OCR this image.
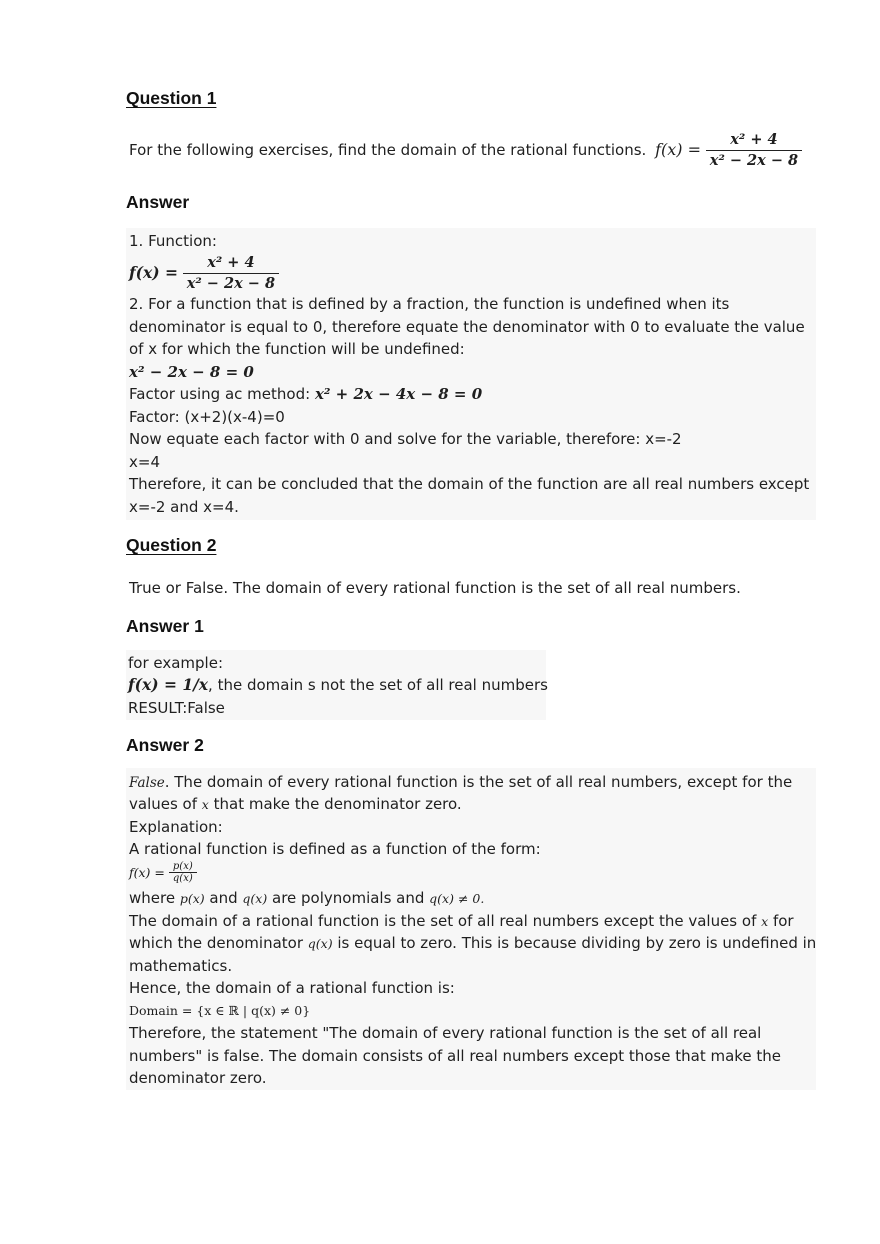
Question 1
For the following exercises, find the domain of the rational functions. $f(x) = \frac{\text{x² + 4}}{\text{x² − 2x − 8}}$
Answer
1. Function:
$f(x) = \frac{\text{x² + 4}}{\text{x² − 2x − 8}}$
2. For a function that is defined by a fraction, the function is undefined when its
denominator is equal to 0, therefore equate the denominator with 0 to evaluate the value
of x for which the function will be undefined:
x² − 2x − 8 = 0
Factor using ac method: x² + 2x − 4x − 8 = 0
Factor: (x+2)(x-4)=0
Now equate each factor with 0 and solve for the variable, therefore: x=-2
x=4
Therefore, it can be concluded that the domain of the function are all real numbers except
x=-2 and x=4.
Question 2
True or False. The domain of every rational function is the set of all real numbers.
Answer 1
for example:
f(x) = 1/x, the domain s not the set of all real numbers
RESULT:False
Answer 2
False. The domain of every rational function is the set of all real numbers, except for the
values of x that make the denominator zero.
Explanation:
A rational function is defined as a function of the form:
$f(x) = \frac{p(x)}{q(x)}$
where p(x) and q(x) are polynomials and q(x) ≠ 0.
The domain of a rational function is the set of all real numbers except the values of x for
which the denominator q(x) is equal to zero. This is because dividing by zero is undefined in
mathematics.
Hence, the domain of a rational function is:
Domain = {x ∈ ℝ | q(x) ≠ 0}
Therefore, the statement "The domain of every rational function is the set of all real
numbers" is false. The domain consists of all real numbers except those that make the
denominator zero.
